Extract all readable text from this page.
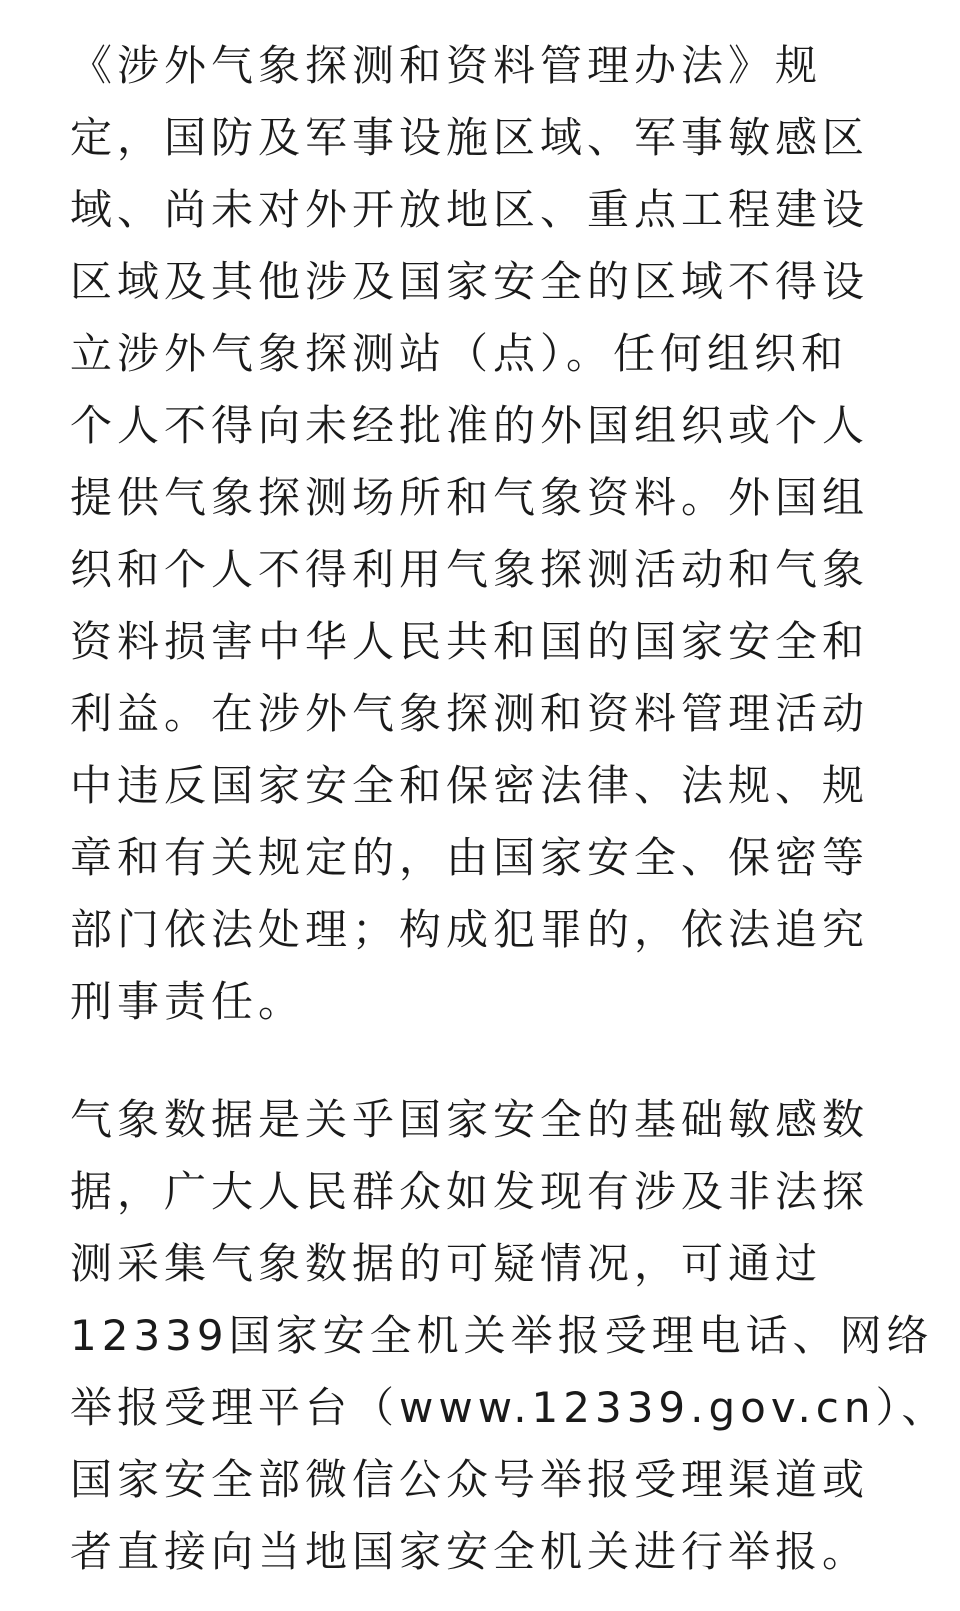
《涉外气象探测和资料管理办法》规
定，国防及军事设施区域、军事敏感区
域、尚未对外开放地区、重点工程建设
区域及其他涉及国家安全的区域不得设
立涉外气象探测站（点）。任何组织和
个人不得向未经批准的外国组织或个人
提供气象探测场所和气象资料。外国组
织和个人不得利用气象探测活动和气象
资料损害中华人民共和国的国家安全和
利益。在涉外气象探测和资料管理活动
中违反国家安全和保密法律、法规、规
章和有关规定的，由国家安全、保密等
部门依法处理；构成犯罪的，依法追究
刑事责任。

气象数据是关乎国家安全的基础敏感数
据，广大人民群众如发现有涉及非法探
测采集气象数据的可疑情况，可通过
12339国家安全机关举报受理电话、网络
举报受理平台（www.12339.gov.cn）、
国家安全部微信公众号举报受理渠道或
者直接向当地国家安全机关进行举报。
